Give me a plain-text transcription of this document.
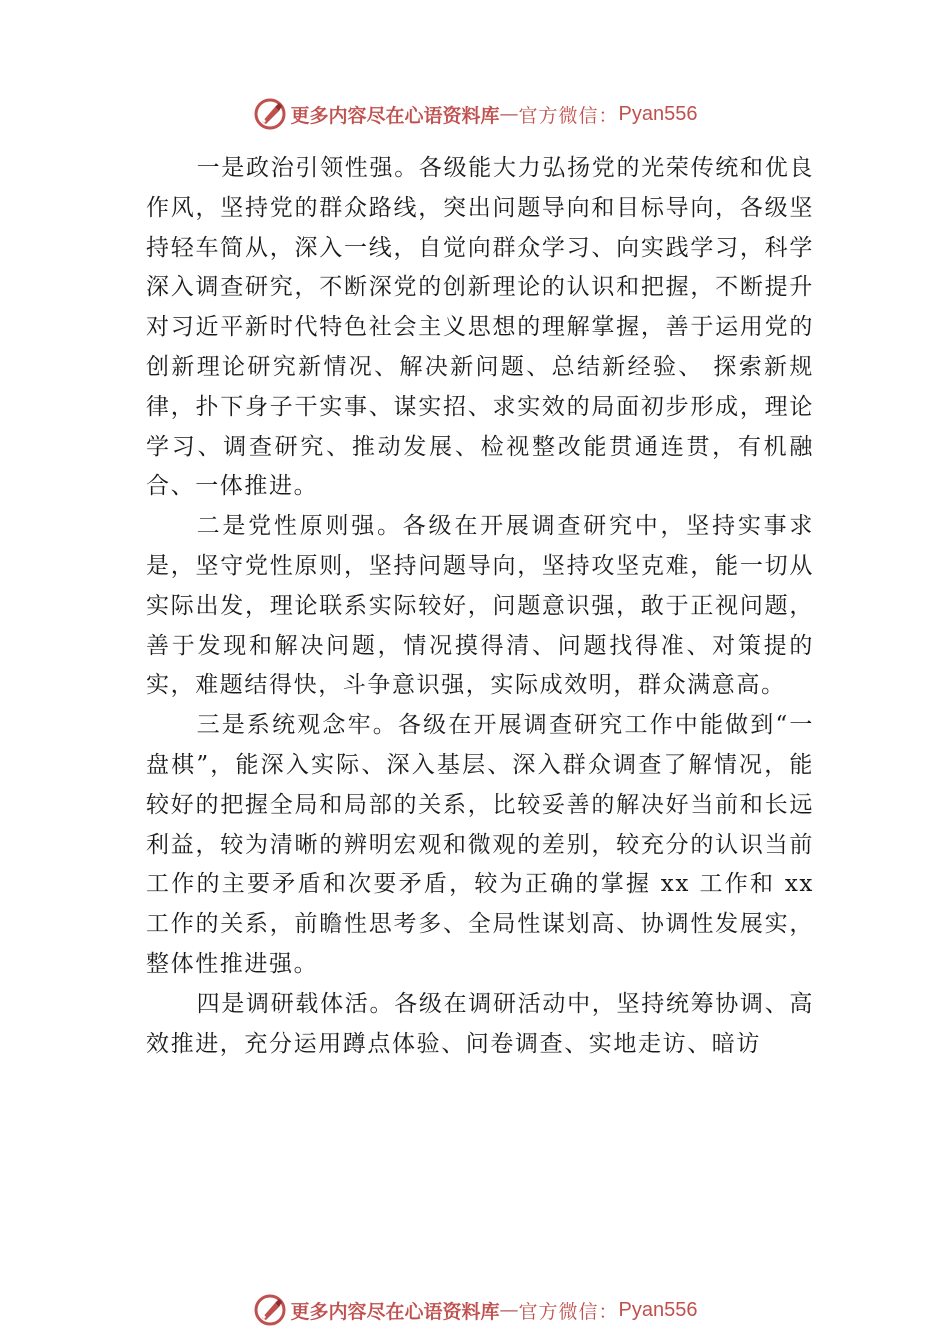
更多内容尽在心语资料库 — 官方微信： Pyan556

一是政治引领性强。各级能大力弘扬党的光荣传统和优良作风，坚持党的群众路线，突出问题导向和目标导向，各级坚持轻车简从，深入一线，自觉向群众学习、向实践学习，科学深入调查研究，不断深党的创新理论的认识和把握，不断提升对习近平新时代特色社会主义思想的理解掌握，善于运用党的创新理论研究新情况、解决新问题、总结新经验、 探索新规律，扑下身子干实事、谋实招、求实效的局面初步形成，理论学习、调查研究、推动发展、检视整改能贯通连贯，有机融合、一体推进。

二是党性原则强。各级在开展调查研究中，坚持实事求是，坚守党性原则，坚持问题导向，坚持攻坚克难，能一切从实际出发，理论联系实际较好，问题意识强，敢于正视问题，善于发现和解决问题，情况摸得清、问题找得准、对策提的实，难题结得快，斗争意识强，实际成效明，群众满意高。

三是系统观念牢。各级在开展调查研究工作中能做到“一盘棋”，能深入实际、深入基层、深入群众调查了解情况，能较好的把握全局和局部的关系，比较妥善的解决好当前和长远利益，较为清晰的辨明宏观和微观的差别，较充分的认识当前工作的主要矛盾和次要矛盾，较为正确的掌握 xx 工作和 xx 工作的关系，前瞻性思考多、全局性谋划高、协调性发展实，整体性推进强。

四是调研载体活。各级在调研活动中，坚持统筹协调、高效推进，充分运用蹲点体验、问卷调查、实地走访、暗访

更多内容尽在心语资料库 — 官方微信： Pyan556
